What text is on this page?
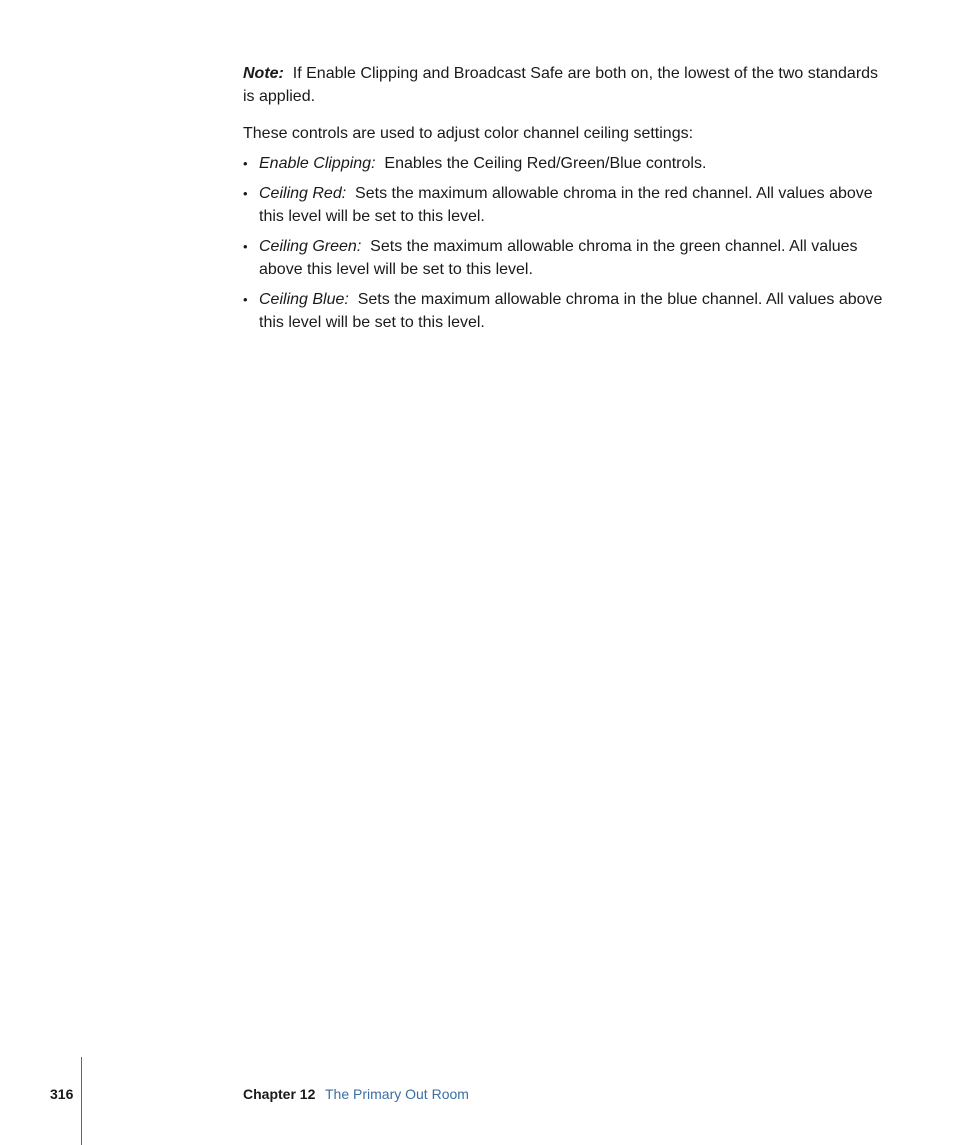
Note: If Enable Clipping and Broadcast Safe are both on, the lowest of the two standards is applied.

These controls are used to adjust color channel ceiling settings:

• Enable Clipping: Enables the Ceiling Red/Green/Blue controls.
• Ceiling Red: Sets the maximum allowable chroma in the red channel. All values above this level will be set to this level.
• Ceiling Green: Sets the maximum allowable chroma in the green channel. All values above this level will be set to this level.
• Ceiling Blue: Sets the maximum allowable chroma in the blue channel. All values above this level will be set to this level.
316	Chapter 12 The Primary Out Room
